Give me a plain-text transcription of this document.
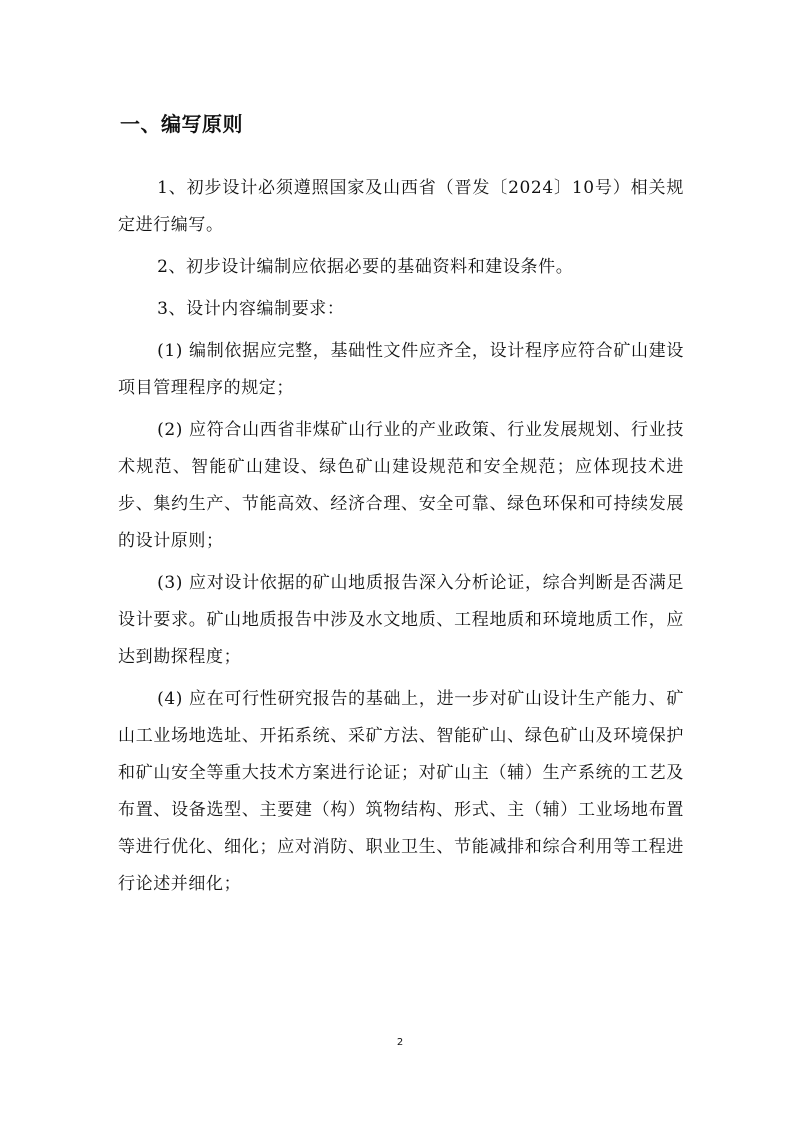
一、编写原则

1、初步设计必须遵照国家及山西省（晋发〔2024〕10号）相关规定进行编写。

2、初步设计编制应依据必要的基础资料和建设条件。

3、设计内容编制要求：

(1) 编制依据应完整，基础性文件应齐全，设计程序应符合矿山建设项目管理程序的规定；

(2) 应符合山西省非煤矿山行业的产业政策、行业发展规划、行业技术规范、智能矿山建设、绿色矿山建设规范和安全规范；应体现技术进步、集约生产、节能高效、经济合理、安全可靠、绿色环保和可持续发展的设计原则；

(3) 应对设计依据的矿山地质报告深入分析论证，综合判断是否满足设计要求。矿山地质报告中涉及水文地质、工程地质和环境地质工作，应达到勘探程度；

(4) 应在可行性研究报告的基础上，进一步对矿山设计生产能力、矿山工业场地选址、开拓系统、采矿方法、智能矿山、绿色矿山及环境保护和矿山安全等重大技术方案进行论证；对矿山主（辅）生产系统的工艺及布置、设备选型、主要建（构）筑物结构、形式、主（辅）工业场地布置等进行优化、细化；应对消防、职业卫生、节能减排和综合利用等工程进行论述并细化；

2
